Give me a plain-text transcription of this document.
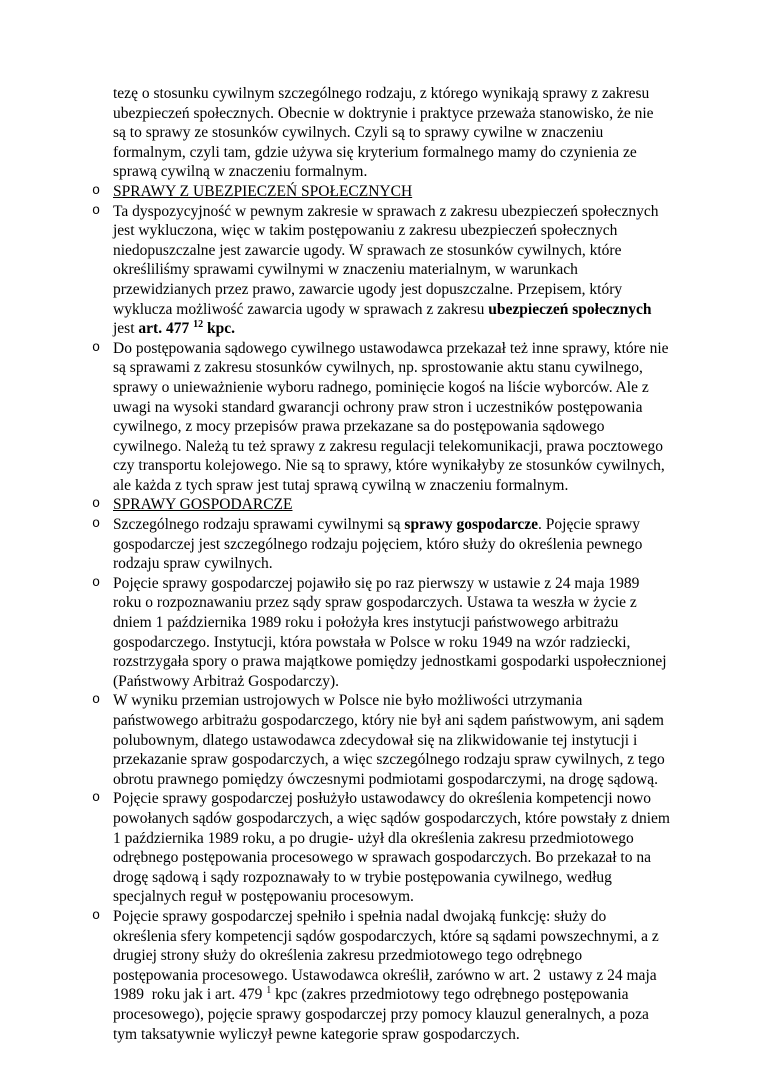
tezę o stosunku cywilnym szczególnego rodzaju, z którego wynikają sprawy z zakresu ubezpieczeń społecznych. Obecnie w doktrynie i praktyce przeważa stanowisko, że nie są to sprawy ze stosunków cywilnych. Czyli są to sprawy cywilne w znaczeniu formalnym, czyli tam, gdzie używa się kryterium formalnego mamy do czynienia ze sprawą cywilną w znaczeniu formalnym.
o SPRAWY Z UBEZPIECZEŃ SPOŁECZNYCH
o Ta dyspozycyjność w pewnym zakresie w sprawach z zakresu ubezpieczeń społecznych jest wykluczona, więc w takim postępowaniu z zakresu ubezpieczeń społecznych niedopuszczalne jest zawarcie ugody. W sprawach ze stosunków cywilnych, które określiliśmy sprawami cywilnymi w znaczeniu materialnym, w warunkach przewidzianych przez prawo, zawarcie ugody jest dopuszczalne. Przepisem, który wyklucza możliwość zawarcia ugody w sprawach z zakresu ubezpieczeń społecznych jest art. 477 $^{12}$ kpc.
o Do postępowania sądowego cywilnego ustawodawca przekazał też inne sprawy, które nie są sprawami z zakresu stosunków cywilnych, np. sprostowanie aktu stanu cywilnego, sprawy o unieważnienie wyboru radnego, pominięcie kogoś na liście wyborców. Ale z uwagi na wysoki standard gwarancji ochrony praw stron i uczestników postępowania cywilnego, z mocy przepisów prawa przekazane sa do postępowania sądowego cywilnego. Należą tu też sprawy z zakresu regulacji telekomunikacji, prawa pocztowego czy transportu kolejowego. Nie są to sprawy, które wynikałyby ze stosunków cywilnych, ale każda z tych spraw jest tutaj sprawą cywilną w znaczeniu formalnym.
o SPRAWY GOSPODARCZE
o Szczególnego rodzaju sprawami cywilnymi są sprawy gospodarcze. Pojęcie sprawy gospodarczej jest szczególnego rodzaju pojęciem, któro służy do określenia pewnego rodzaju spraw cywilnych.
o Pojęcie sprawy gospodarczej pojawiło się po raz pierwszy w ustawie z 24 maja 1989 roku o rozpoznawaniu przez sądy spraw gospodarczych. Ustawa ta weszła w życie z dniem 1 października 1989 roku i położyła kres instytucji państwowego arbitrażu gospodarczego. Instytucji, która powstała w Polsce w roku 1949 na wzór radziecki, rozstrzygała spory o prawa majątkowe pomiędzy jednostkami gospodarki uspołecznionej (Państwowy Arbitraż Gospodarczy).
o W wyniku przemian ustrojowych w Polsce nie było możliwości utrzymania państwowego arbitrażu gospodarczego, który nie był ani sądem państwowym, ani sądem polubownym, dlatego ustawodawca zdecydował się na zlikwidowanie tej instytucji i przekazanie spraw gospodarczych, a więc szczególnego rodzaju spraw cywilnych, z tego obrotu prawnego pomiędzy ówczesnymi podmiotami gospodarczymi, na drogę sądową.
o Pojęcie sprawy gospodarczej posłużyło ustawodawcy do określenia kompetencji nowo powołanych sądów gospodarczych, a więc sądów gospodarczych, które powstały z dniem 1 października 1989 roku, a po drugie- użył dla określenia zakresu przedmiotowego odrębnego postępowania procesowego w sprawach gospodarczych. Bo przekazał to na drogę sądową i sądy rozpoznawały to w trybie postępowania cywilnego, według specjalnych reguł w postępowaniu procesowym.
o Pojęcie sprawy gospodarczej spełniło i spełnia nadal dwojaką funkcję: służy do określenia sfery kompetencji sądów gospodarczych, które są sądami powszechnymi, a z drugiej strony służy do określenia zakresu przedmiotowego tego odrębnego postępowania procesowego. Ustawodawca określił, zarówno w art. 2  ustawy z 24 maja 1989  roku jak i art. 479 $^1$ kpc (zakres przedmiotowy tego odrębnego postępowania procesowego), pojęcie sprawy gospodarczej przy pomocy klauzul generalnych, a poza tym taksatywnie wyliczył pewne kategorie spraw gospodarczych.
